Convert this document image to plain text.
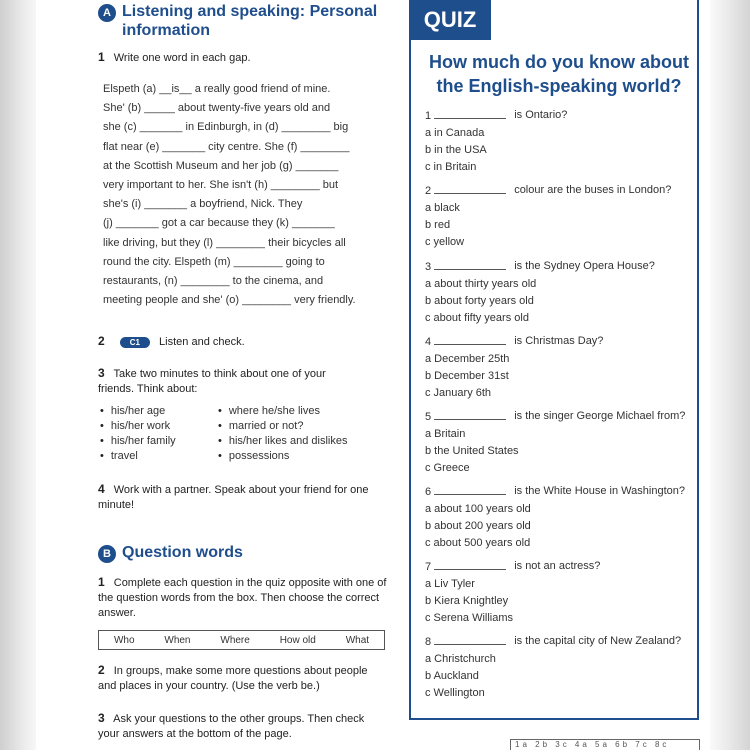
A Listening and speaking: Personal information
1 Write one word in each gap.
Elspeth (a) __is__ a really good friend of mine.
She' (b) _____ about twenty-five years old and
she (c) _______ in Edinburgh, in (d) ________ big
flat near (e) _______ city centre. She (f) ________
at the Scottish Museum and her job (g) _______
very important to her. She isn't (h) ________ but
she's (i) _______ a boyfriend, Nick. They
(j) _______ got a car because they (k) _______
like driving, but they (l) ________ their bicycles all
round the city. Elspeth (m) ________ going to
restaurants, (n) ________ to the cinema, and
meeting people and she' (o) ________ very friendly.
2	C1 Listen and check.
3 Take two minutes to think about one of your friends. Think about:
• his/her age	• where he/she lives
• his/her work	• married or not?
• his/her family	• his/her likes and dislikes
• travel	• possessions
4 Work with a partner. Speak about your friend for one minute!
B Question words
1 Complete each question in the quiz opposite with one of the question words from the box. Then choose the correct answer.
Who	When	Where	How old	What
2 In groups, make some more questions about people and places in your country. (Use the verb be.)
3 Ask your questions to the other groups. Then check your answers at the bottom of the page.
QUIZ
How much do you know about the English-speaking world?
1	is Ontario?
a in Canada
b in the USA
c in Britain
2	colour are the buses in London?
a black
b red
c yellow
3	is the Sydney Opera House?
a about thirty years old
b about forty years old
c about fifty years old
4	is Christmas Day?
a December 25th
b December 31st
c January 6th
5	is the singer George Michael from?
a Britain
b the United States
c Greece
6	is the White House in Washington?
a about 100 years old
b about 200 years old
c about 500 years old
7	is not an actress?
a Liv Tyler
b Kiera Knightley
c Serena Williams
8	is the capital city of New Zealand?
a Christchurch
b Auckland
c Wellington
1a 2b 3c 4a 5a 6b 7c 8c
